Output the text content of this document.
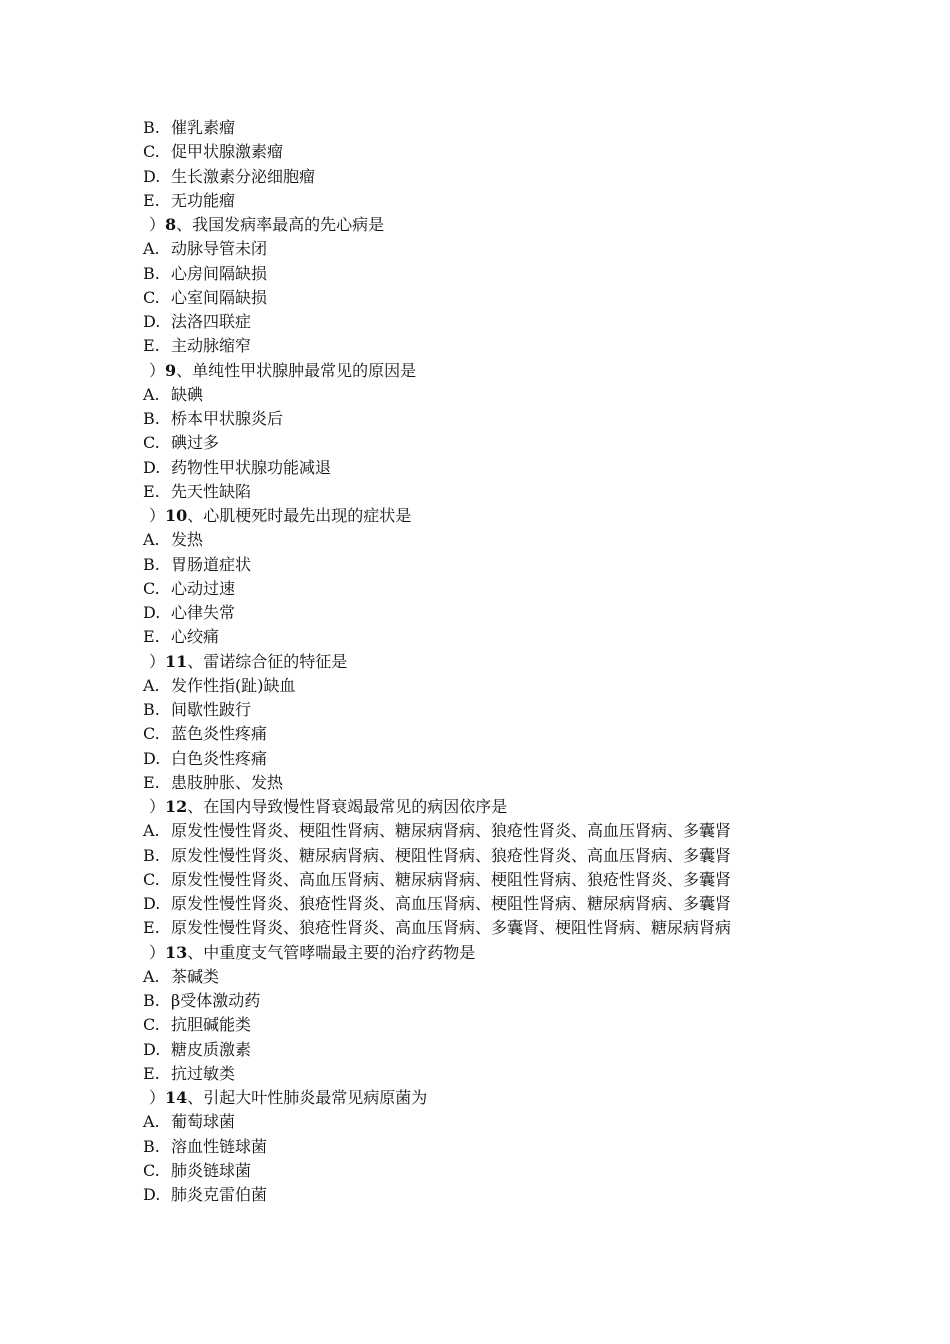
B. 催乳素瘤
C. 促甲状腺激素瘤
D. 生长激素分泌细胞瘤
E. 无功能瘤
）8、我国发病率最高的先心病是
A. 动脉导管未闭
B. 心房间隔缺损
C. 心室间隔缺损
D. 法洛四联症
E. 主动脉缩窄
）9、单纯性甲状腺肿最常见的原因是
A. 缺碘
B. 桥本甲状腺炎后
C. 碘过多
D. 药物性甲状腺功能减退
E. 先天性缺陷
）10、心肌梗死时最先出现的症状是
A. 发热
B. 胃肠道症状
C. 心动过速
D. 心律失常
E. 心绞痛
）11、雷诺综合征的特征是
A. 发作性指(趾)缺血
B. 间歇性跛行
C. 蓝色炎性疼痛
D. 白色炎性疼痛
E. 患肢肿胀、发热
）12、在国内导致慢性肾衰竭最常见的病因依序是
A. 原发性慢性肾炎、梗阻性肾病、糖尿病肾病、狼疮性肾炎、高血压肾病、多囊肾
B. 原发性慢性肾炎、糖尿病肾病、梗阻性肾病、狼疮性肾炎、高血压肾病、多囊肾
C. 原发性慢性肾炎、高血压肾病、糖尿病肾病、梗阻性肾病、狼疮性肾炎、多囊肾
D. 原发性慢性肾炎、狼疮性肾炎、高血压肾病、梗阻性肾病、糖尿病肾病、多囊肾
E. 原发性慢性肾炎、狼疮性肾炎、高血压肾病、多囊肾、梗阻性肾病、糖尿病肾病
）13、中重度支气管哮喘最主要的治疗药物是
A. 茶碱类
B. β受体激动药
C. 抗胆碱能类
D. 糖皮质激素
E. 抗过敏类
）14、引起大叶性肺炎最常见病原菌为
A. 葡萄球菌
B. 溶血性链球菌
C. 肺炎链球菌
D. 肺炎克雷伯菌
